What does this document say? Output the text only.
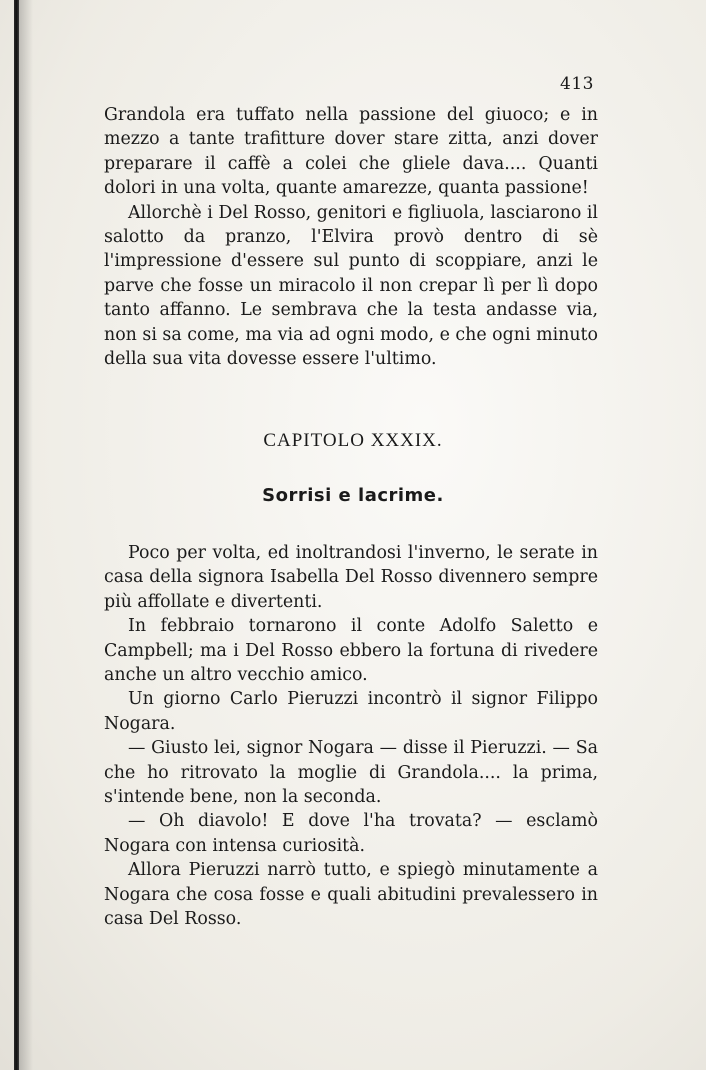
413

Grandola era tuffato nella passione del giuoco; e in mezzo a tante trafitture dover stare zitta, anzi dover preparare il caffè a colei che gliele dava.... Quanti dolori in una volta, quante amarezze, quanta passione!

Allorchè i Del Rosso, genitori e figliuola, lasciarono il salotto da pranzo, l'Elvira provò dentro di sè l'impressione d'essere sul punto di scoppiare, anzi le parve che fosse un miracolo il non crepar lì per lì dopo tanto affanno. Le sembrava che la testa andasse via, non si sa come, ma via ad ogni modo, e che ogni minuto della sua vita dovesse essere l'ultimo.

CAPITOLO XXXIX.
Sorrisi e lacrime.

Poco per volta, ed inoltrandosi l'inverno, le serate in casa della signora Isabella Del Rosso divennero sempre più affollate e divertenti.

In febbraio tornarono il conte Adolfo Saletto e Campbell; ma i Del Rosso ebbero la fortuna di rivedere anche un altro vecchio amico.

Un giorno Carlo Pieruzzi incontrò il signor Filippo Nogara.

— Giusto lei, signor Nogara — disse il Pieruzzi. — Sa che ho ritrovato la moglie di Grandola.... la prima, s'intende bene, non la seconda.

— Oh diavolo! E dove l'ha trovata? — esclamò Nogara con intensa curiosità.

Allora Pieruzzi narrò tutto, e spiegò minutamente a Nogara che cosa fosse e quali abitudini prevalessero in casa Del Rosso.
